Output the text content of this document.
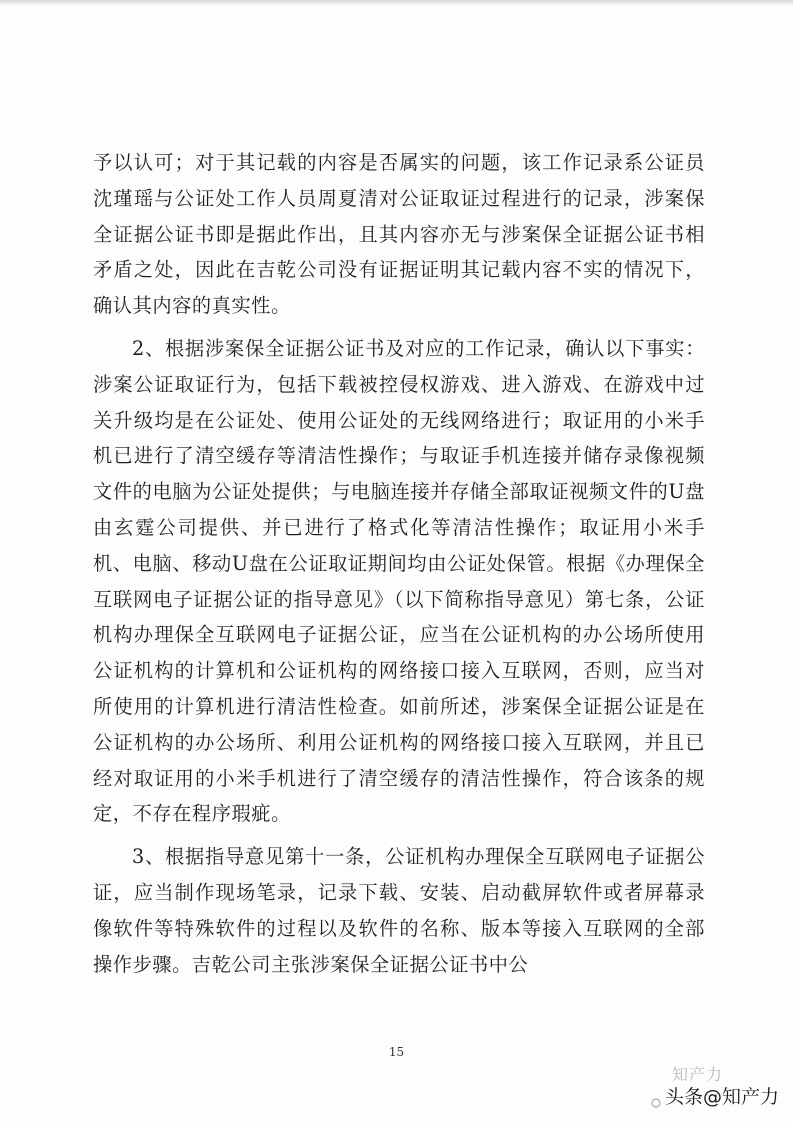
予以认可；对于其记载的内容是否属实的问题，该工作记录系公证员沈瑾瑶与公证处工作人员周夏清对公证取证过程进行的记录，涉案保全证据公证书即是据此作出，且其内容亦无与涉案保全证据公证书相矛盾之处，因此在吉乾公司没有证据证明其记载内容不实的情况下，确认其内容的真实性。

2、根据涉案保全证据公证书及对应的工作记录，确认以下事实：涉案公证取证行为，包括下载被控侵权游戏、进入游戏、在游戏中过关升级均是在公证处、使用公证处的无线网络进行；取证用的小米手机已进行了清空缓存等清洁性操作；与取证手机连接并储存录像视频文件的电脑为公证处提供；与电脑连接并存储全部取证视频文件的U盘由玄霆公司提供、并已进行了格式化等清洁性操作；取证用小米手机、电脑、移动U盘在公证取证期间均由公证处保管。根据《办理保全互联网电子证据公证的指导意见》（以下简称指导意见）第七条，公证机构办理保全互联网电子证据公证，应当在公证机构的办公场所使用公证机构的计算机和公证机构的网络接口接入互联网，否则，应当对所使用的计算机进行清洁性检查。如前所述，涉案保全证据公证是在公证机构的办公场所、利用公证机构的网络接口接入互联网，并且已经对取证用的小米手机进行了清空缓存的清洁性操作，符合该条的规定，不存在程序瑕疵。

3、根据指导意见第十一条，公证机构办理保全互联网电子证据公证，应当制作现场笔录，记录下载、安装、启动截屏软件或者屏幕录像软件等特殊软件的过程以及软件的名称、版本等接入互联网的全部操作步骤。吉乾公司主张涉案保全证据公证书中公

15
知产力
头条@知产力
